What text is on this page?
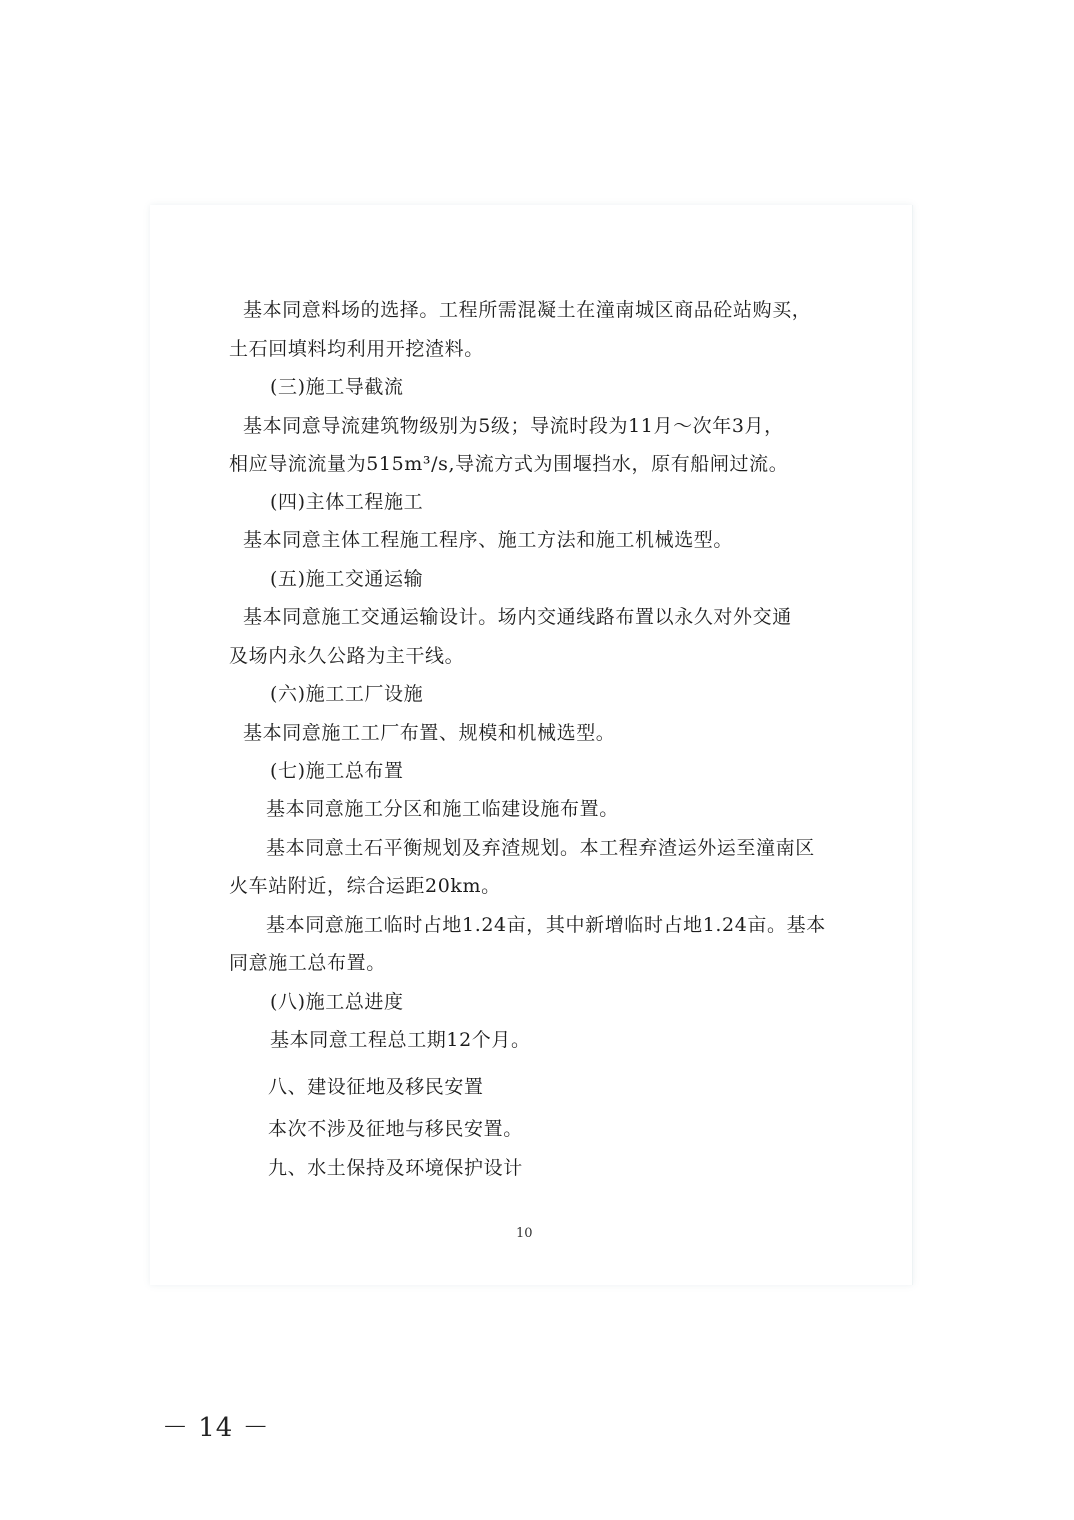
基本同意料场的选择。工程所需混凝土在潼南城区商品砼站购买，
土石回填料均利用开挖渣料。
(三)施工导截流
基本同意导流建筑物级别为5级；导流时段为11月～次年3月，
相应导流流量为515m³/s,导流方式为围堰挡水，原有船闸过流。
(四)主体工程施工
基本同意主体工程施工程序、施工方法和施工机械选型。
(五)施工交通运输
基本同意施工交通运输设计。场内交通线路布置以永久对外交通
及场内永久公路为主干线。
(六)施工工厂设施
基本同意施工工厂布置、规模和机械选型。
(七)施工总布置
基本同意施工分区和施工临建设施布置。
基本同意土石平衡规划及弃渣规划。本工程弃渣运外运至潼南区
火车站附近，综合运距20km。
基本同意施工临时占地1.24亩，其中新增临时占地1.24亩。基本
同意施工总布置。
(八)施工总进度
基本同意工程总工期12个月。
八、建设征地及移民安置
本次不涉及征地与移民安置。
九、水土保持及环境保护设计
10
－ 14 －
